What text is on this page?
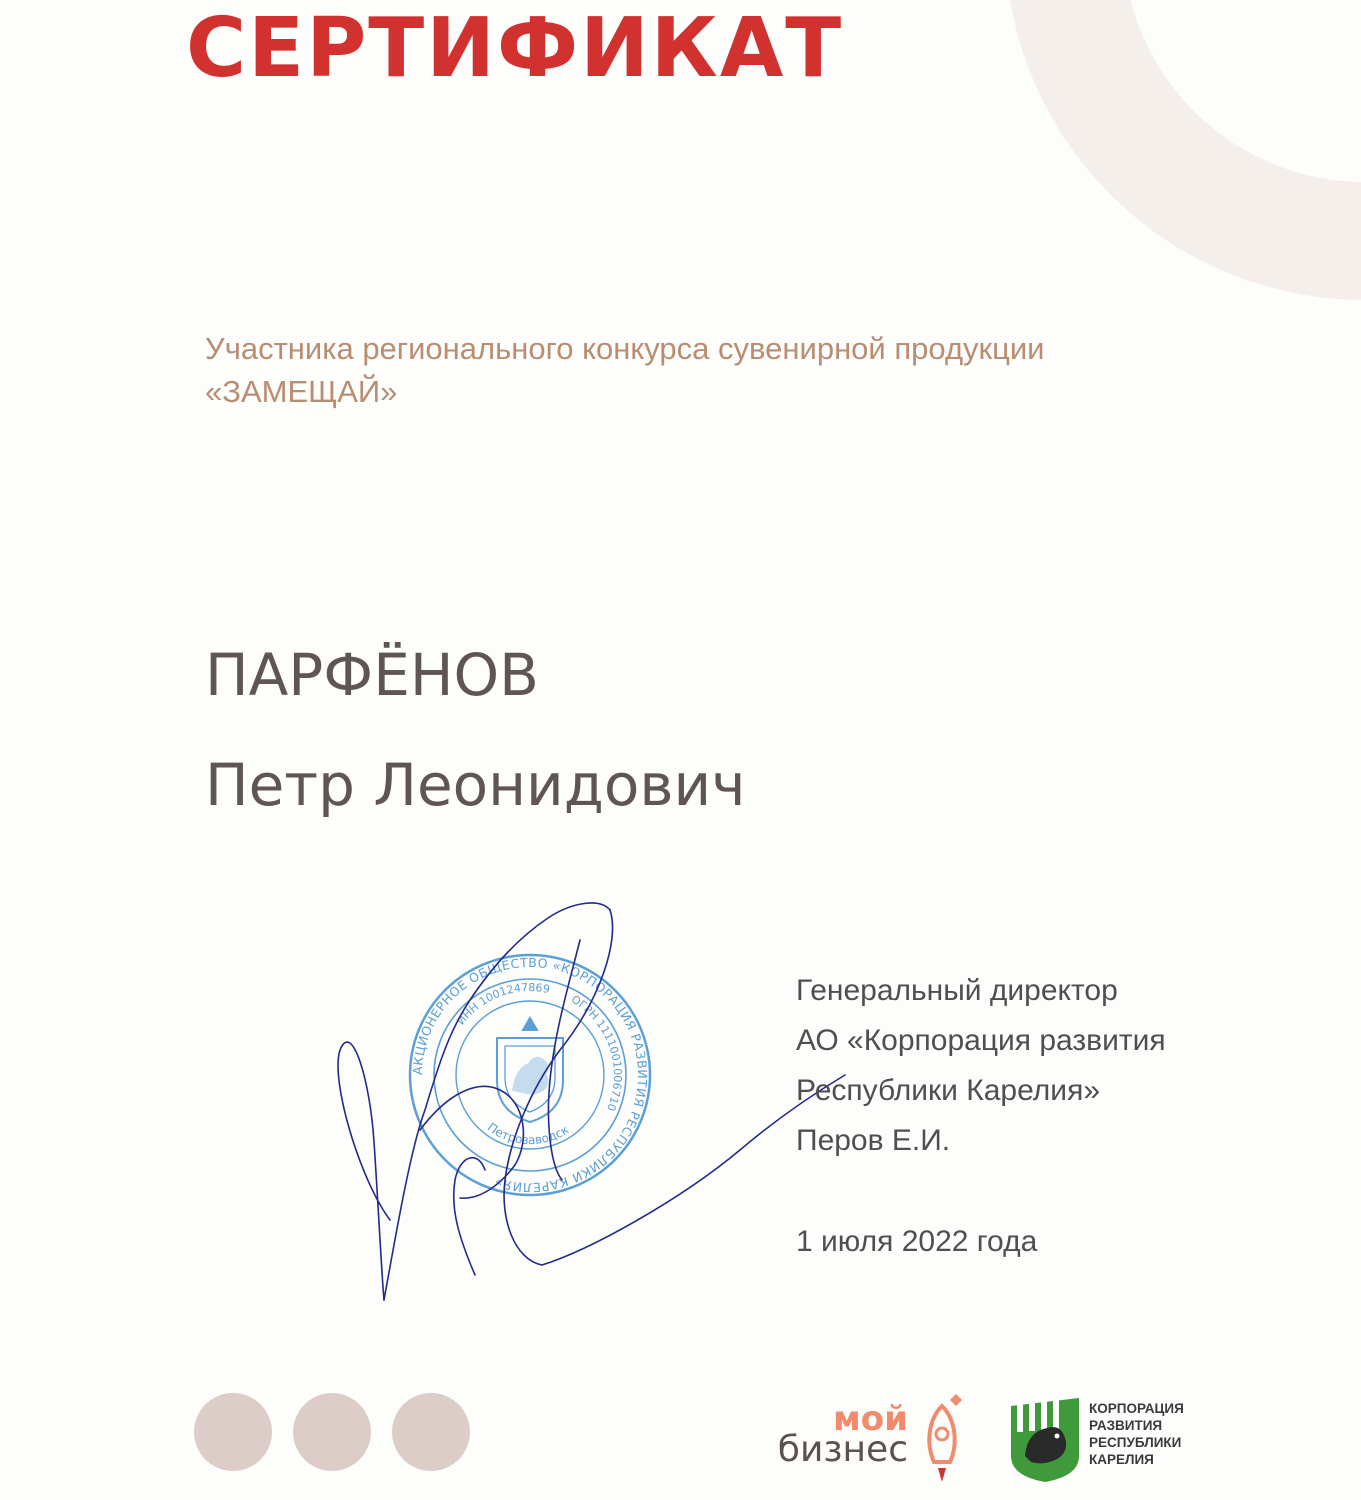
СЕРТИФИКАТ
Участника регионального конкурса сувенирной продукции
«ЗАМЕЩАЙ»
ПАРФЁНОВ
Петр Леонидович
АКЦИОНЕРНОЕ ОБЩЕСТВО «КОРПОРАЦИЯ РАЗВИТИЯ РЕСПУБЛИКИ КАРЕЛИЯ»
ИНН 1001247869
ОГРН 1111001006710
Петрозаводск
Генеральный директор
АО «Корпорация развития
Республики Карелия»
Перов Е.И.
1 июля 2022 года
мой
бизнес
КОРПОРАЦИЯ
РАЗВИТИЯ
РЕСПУБЛИКИ
КАРЕЛИЯ
